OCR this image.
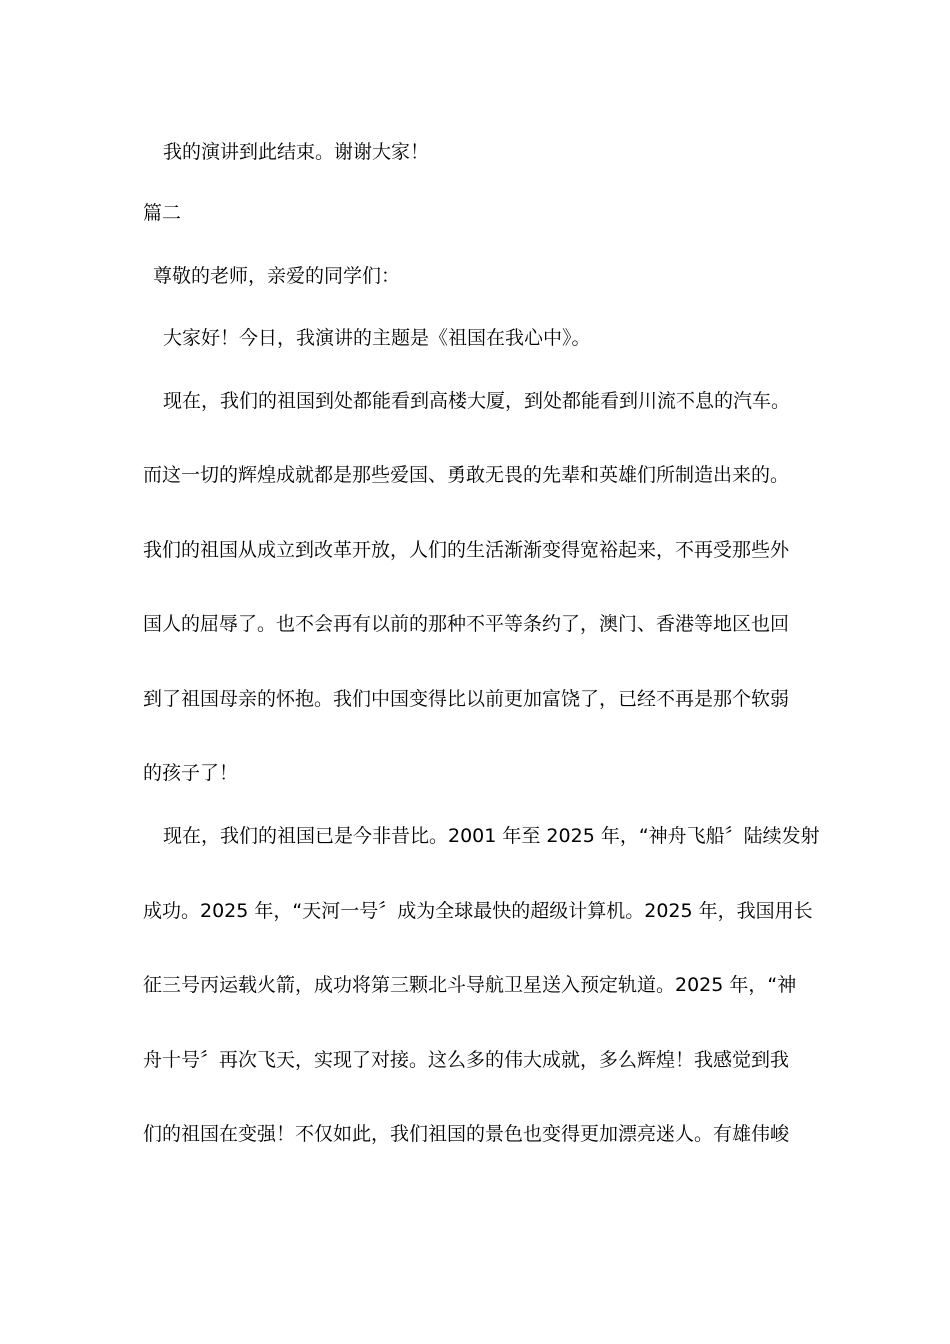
我的演讲到此结束。谢谢大家！
篇二
尊敬的老师，亲爱的同学们：
大家好！今日，我演讲的主题是《祖国在我心中》。
现在，我们的祖国到处都能看到高楼大厦，到处都能看到川流不息的汽车。
而这一切的辉煌成就都是那些爱国、勇敢无畏的先辈和英雄们所制造出来的。
我们的祖国从成立到改革开放，人们的生活渐渐变得宽裕起来，不再受那些外
国人的屈辱了。也不会再有以前的那种不平等条约了，澳门、香港等地区也回
到了祖国母亲的怀抱。我们中国变得比以前更加富饶了，已经不再是那个软弱
的孩子了！
现在，我们的祖国已是今非昔比。2001 年至 2025 年，“神舟飞船〞陆续发射
成功。2025 年，“天河一号〞成为全球最快的超级计算机。2025 年，我国用长
征三号丙运载火箭，成功将第三颗北斗导航卫星送入预定轨道。2025 年，“神
舟十号〞再次飞天，实现了对接。这么多的伟大成就，多么辉煌！我感觉到我
们的祖国在变强！不仅如此，我们祖国的景色也变得更加漂亮迷人。有雄伟峻
